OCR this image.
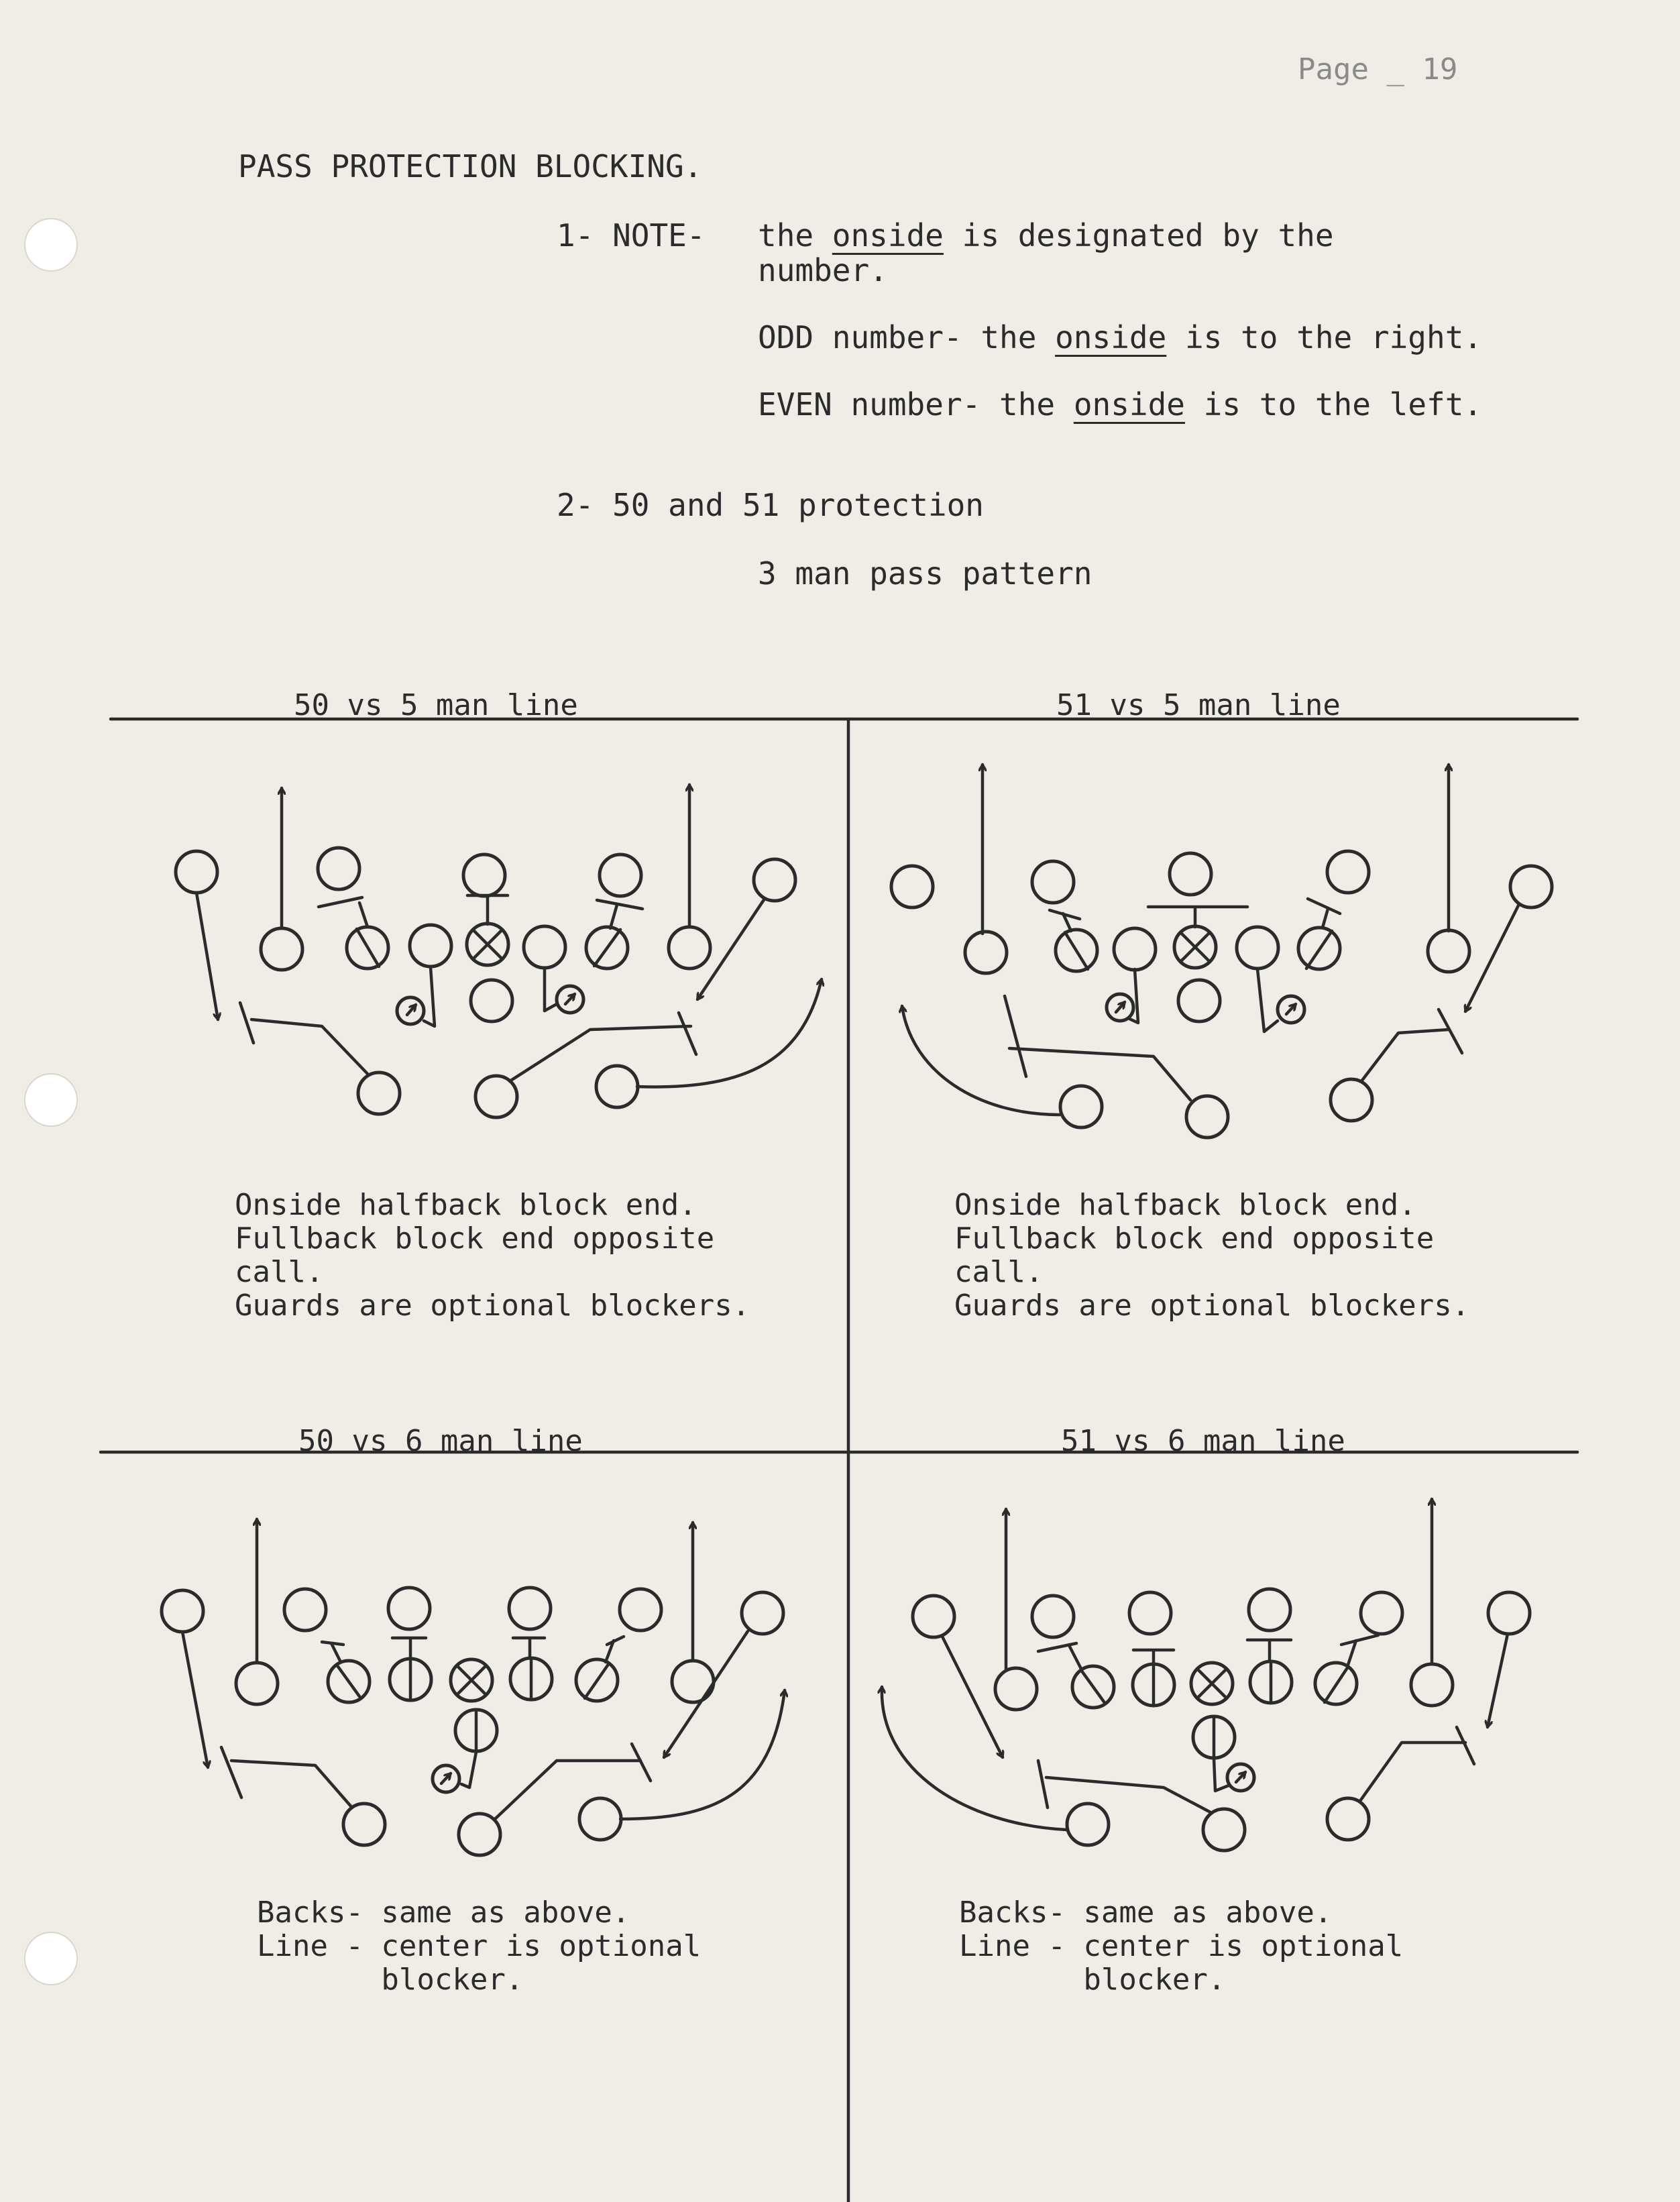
Page _ 19
PASS PROTECTION BLOCKING.
1- NOTE- the onside is designated by the
number.
ODD number- the onside is to the right.
EVEN number- the onside is to the left.
2- 50 and 51 protection
3 man pass pattern
50 vs 5 man line	51 vs 5 man line
50 vs 6 man line	51 vs 6 man line
Onside halfback block end.
Fullback block end opposite
call.
Guards are optional blockers.
Onside halfback block end.
Fullback block end opposite
call.
Guards are optional blockers.
Backs- same as above.
Line - center is optional
blocker.
Backs- same as above.
Line - center is optional
blocker.
